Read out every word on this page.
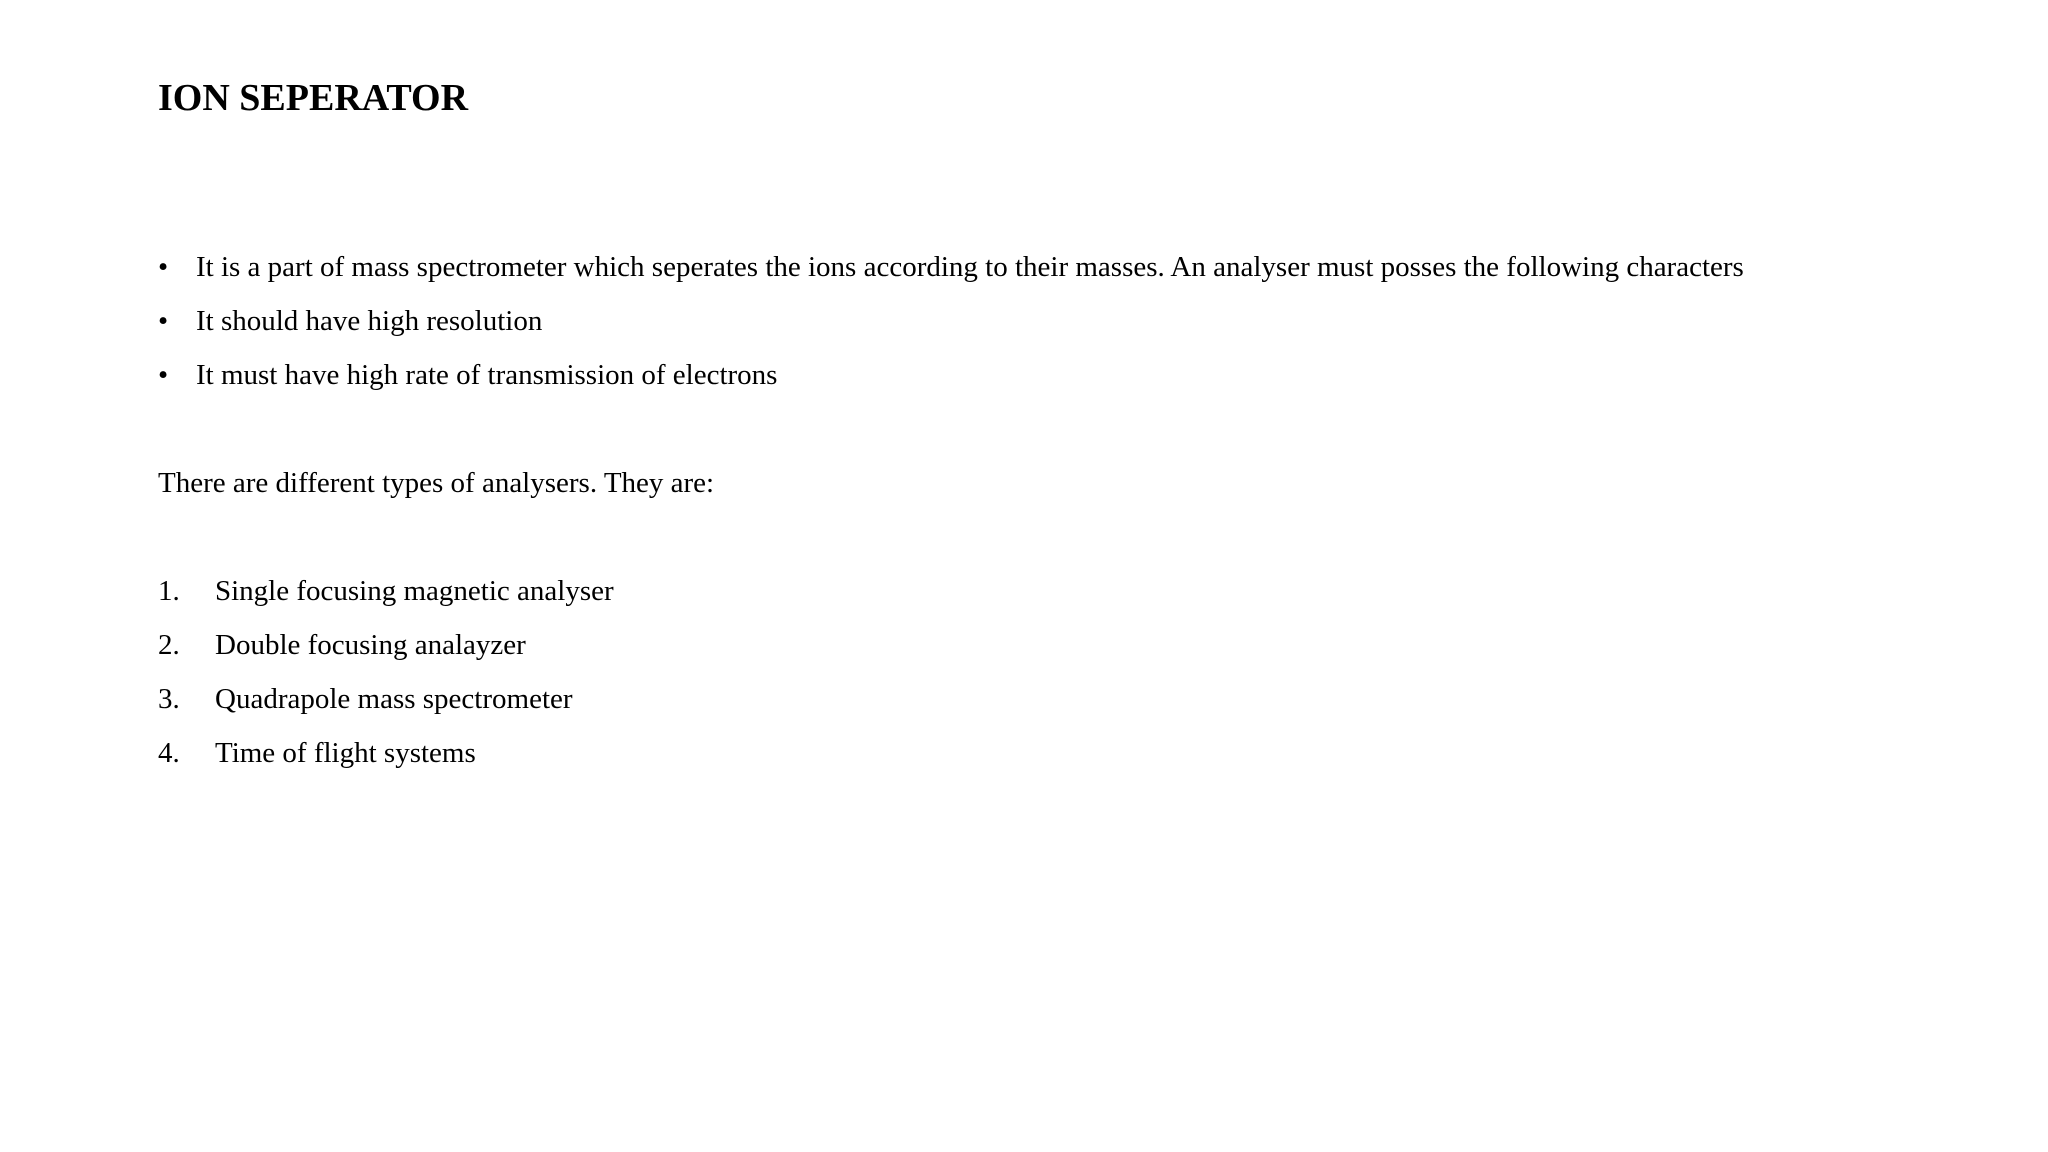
ION SEPERATOR
• It is a part of mass spectrometer which seperates the ions according to their masses. An analyser must posses the following characters
• It should have high resolution
• It must have high rate of transmission of electrons

There are different types of analysers. They are:

1.	Single focusing magnetic analyser
2.	Double focusing analayzer
3.	Quadrapole mass spectrometer
4.	Time of flight systems
